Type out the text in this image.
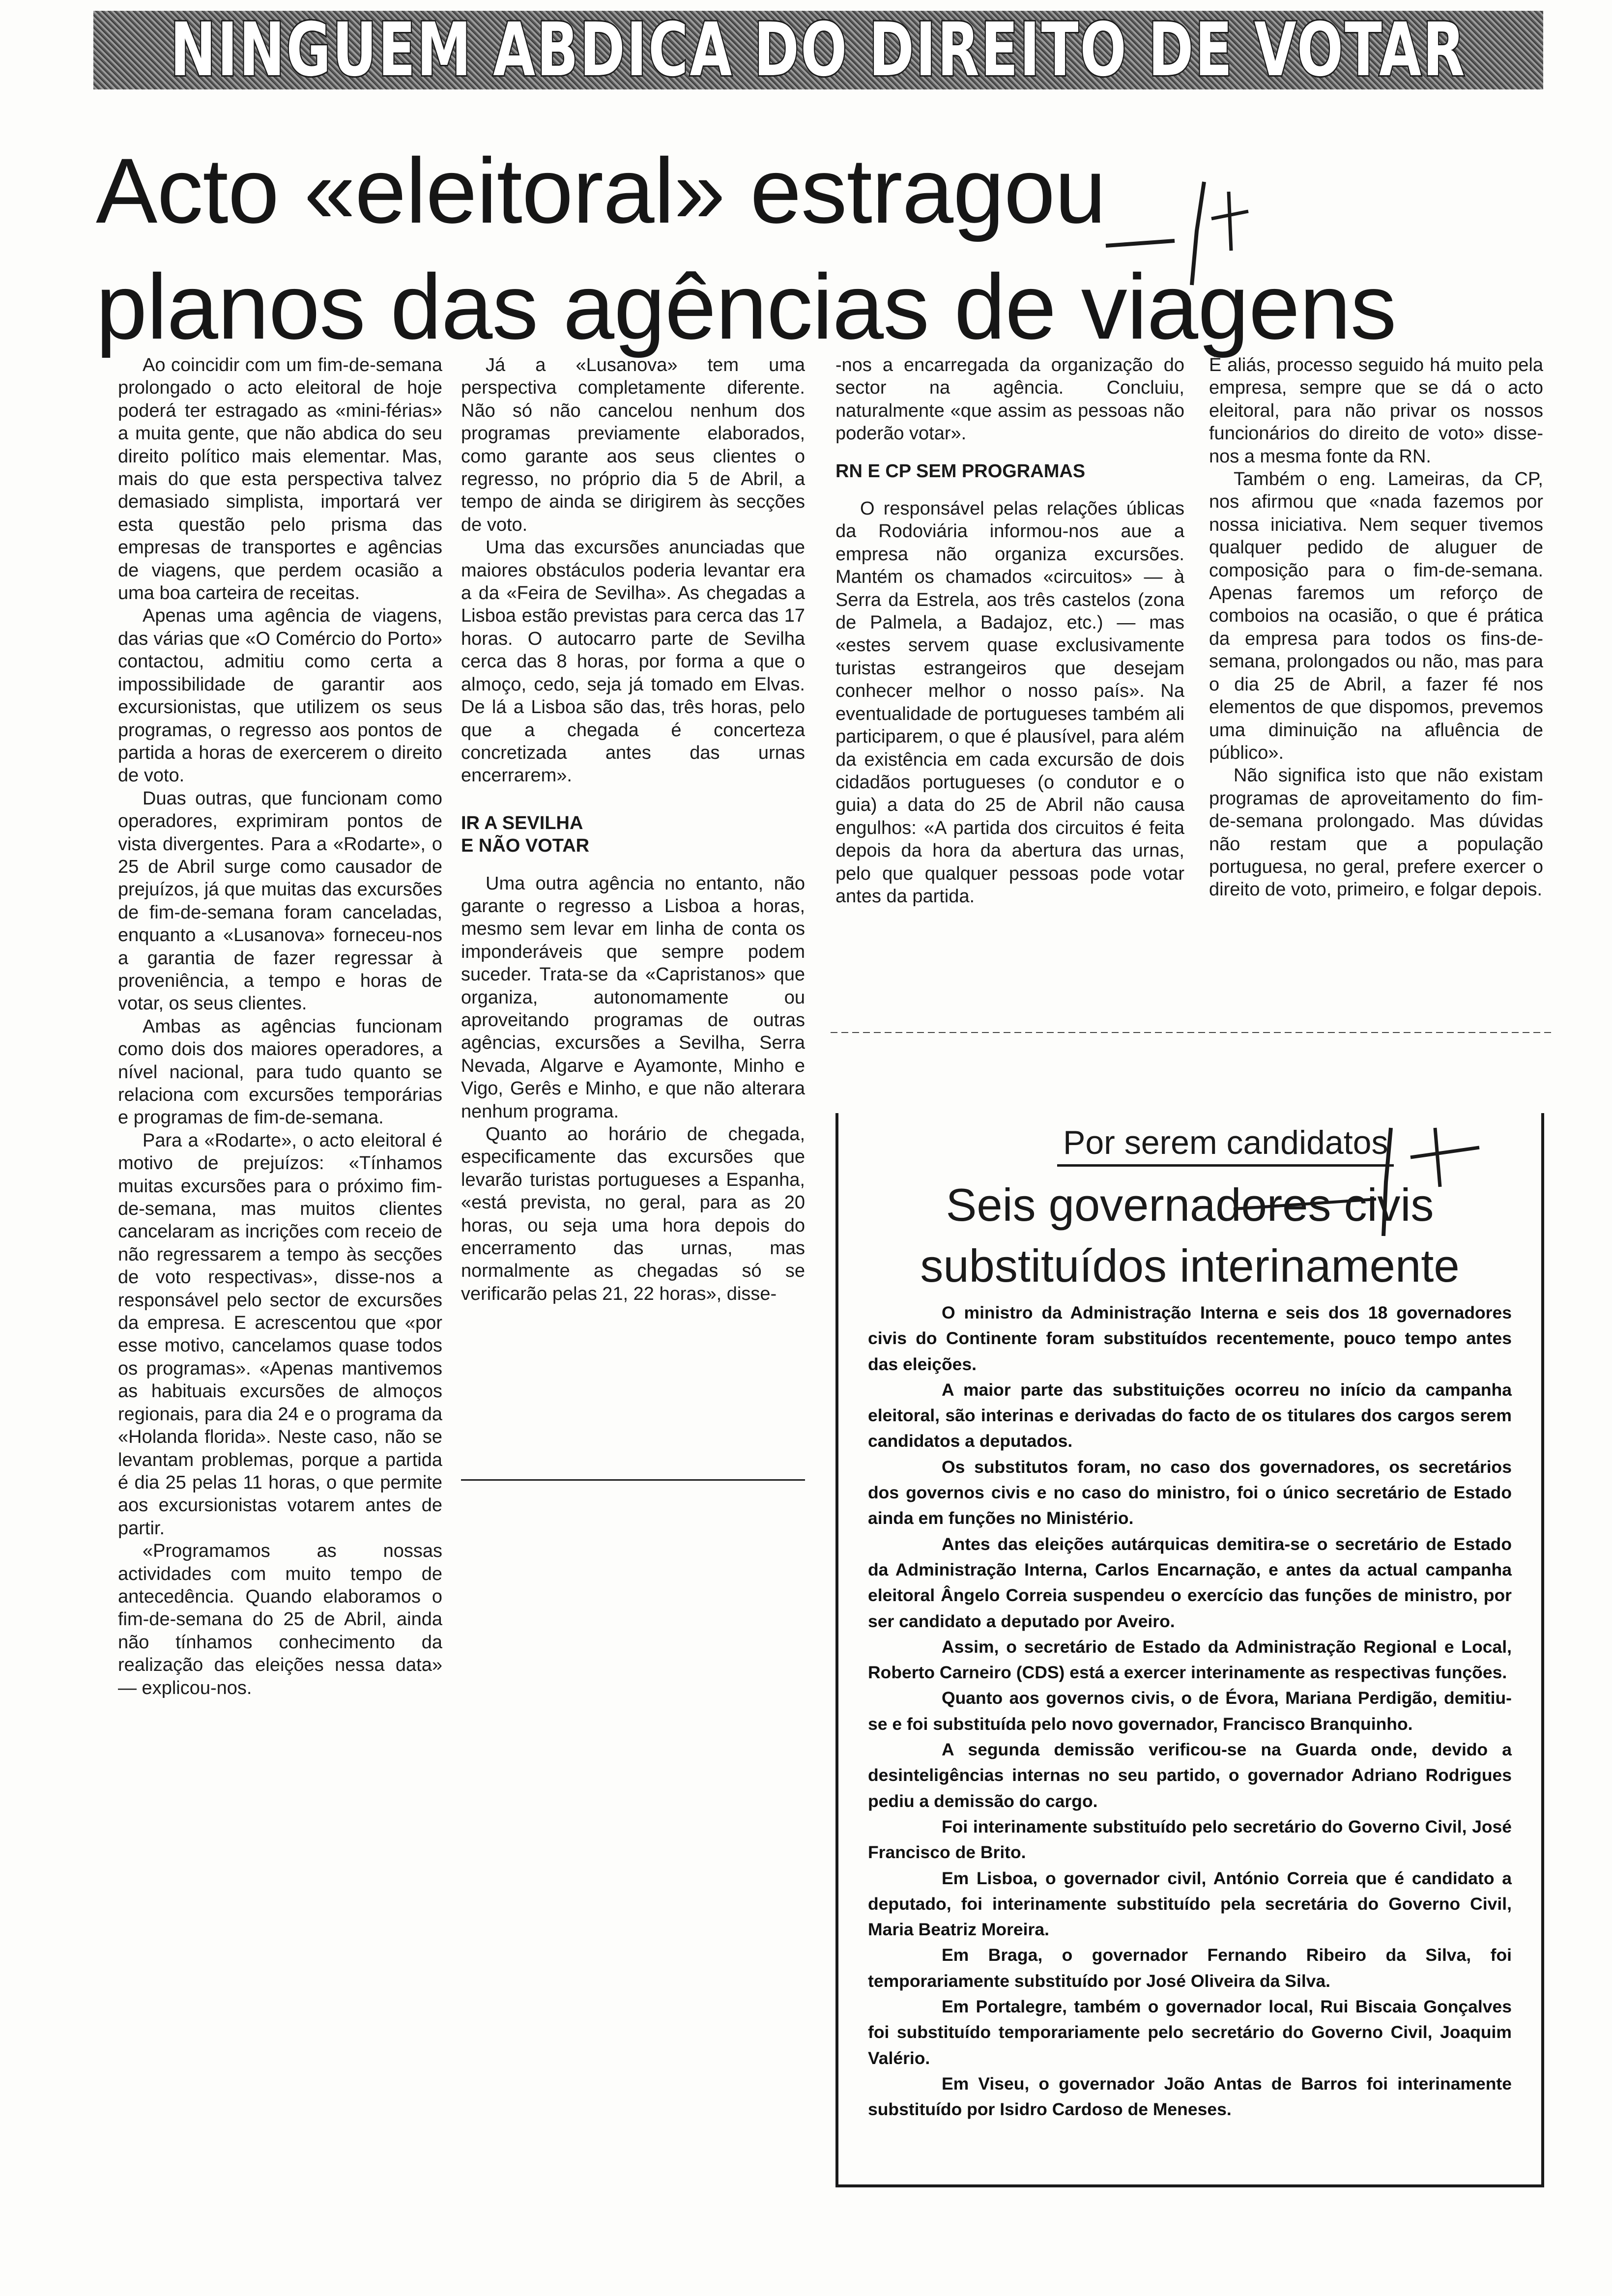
NINGUEM ABDICA DO DIREITO DE VOTAR
Acto «eleitoral» estragou
planos das agências de viagens

Ao coincidir com um fim-de-semana prolongado o acto eleitoral de hoje poderá ter estragado as «mini-férias» a muita gente, que não abdica do seu direito político mais elementar. Mas, mais do que esta perspectiva talvez demasiado simplista, importará ver esta questão pelo prisma das empresas de transportes e agências de viagens, que perdem ocasião a uma boa carteira de receitas.

Apenas uma agência de viagens, das várias que «O Comércio do Porto» contactou, admitiu como certa a impossibilidade de garantir aos excursionistas, que utilizem os seus programas, o regresso aos pontos de partida a horas de exercerem o direito de voto.

Duas outras, que funcionam como operadores, exprimiram pontos de vista divergentes. Para a «Rodarte», o 25 de Abril surge como causador de prejuízos, já que muitas das excursões de fim-de-semana foram canceladas, enquanto a «Lusanova» forneceu-nos a garantia de fazer regressar à proveniência, a tempo e horas de votar, os seus clientes.

Ambas as agências funcionam como dois dos maiores operadores, a nível nacional, para tudo quanto se relaciona com excursões temporárias e programas de fim-de-semana.

Para a «Rodarte», o acto eleitoral é motivo de prejuízos: «Tínhamos muitas excursões para o próximo fim-de-semana, mas muitos clientes cancelaram as incrições com receio de não regressarem a tempo às secções de voto respectivas», disse-nos a responsável pelo sector de excursões da empresa. E acrescentou que «por esse motivo, cancelamos quase todos os programas». «Apenas mantivemos as habituais excursões de almoços regionais, para dia 24 e o programa da «Holanda florida». Neste caso, não se levantam problemas, porque a partida é dia 25 pelas 11 horas, o que permite aos excursionistas votarem antes de partir.

«Programamos as nossas actividades com muito tempo de antecedência. Quando elaboramos o fim-de-semana do 25 de Abril, ainda não tínhamos conhecimento da realização das eleições nessa data» — explicou-nos.

Já a «Lusanova» tem uma perspectiva completamente diferente. Não só não cancelou nenhum dos programas previamente elaborados, como garante aos seus clientes o regresso, no próprio dia 5 de Abril, a tempo de ainda se dirigirem às secções de voto.

Uma das excursões anunciadas que maiores obstáculos poderia levantar era a da «Feira de Sevilha». As chegadas a Lisboa estão previstas para cerca das 17 horas. O autocarro parte de Sevilha cerca das 8 horas, por forma a que o almoço, cedo, seja já tomado em Elvas. De lá a Lisboa são das, três horas, pelo que a chegada é concerteza concretizada antes das urnas encerrarem».

IR A SEVILHA
E NÃO VOTAR

Uma outra agência no entanto, não garante o regresso a Lisboa a horas, mesmo sem levar em linha de conta os imponderáveis que sempre podem suceder. Trata-se da «Capristanos» que organiza, autonomamente ou aproveitando programas de outras agências, excursões a Sevilha, Serra Nevada, Algarve e Ayamonte, Minho e Vigo, Gerês e Minho, e que não alterara nenhum programa.

Quanto ao horário de chegada, especificamente das excursões que levarão turistas portugueses a Espanha, «está prevista, no geral, para as 20 horas, ou seja uma hora depois do encerramento das urnas, mas normalmente as chegadas só se verificarão pelas 21, 22 horas», disse-

-nos a encarregada da organização do sector na agência. Concluiu, naturalmente «que assim as pessoas não poderão votar».

RN E CP SEM PROGRAMAS

O responsável pelas relações úblicas da Rodoviária informou-nos aue a empresa não organiza excursões. Mantém os chamados «circuitos» — à Serra da Estrela, aos três castelos (zona de Palmela, a Badajoz, etc.) — mas «estes servem quase exclusivamente turistas estrangeiros que desejam conhecer melhor o nosso país». Na eventualidade de portugueses também ali participarem, o que é plausível, para além da existência em cada excursão de dois cidadãos portugueses (o condutor e o guia) a data do 25 de Abril não causa engulhos: «A partida dos circuitos é feita depois da hora da abertura das urnas, pelo que qualquer pessoas pode votar antes da partida.

É aliás, processo seguido há muito pela empresa, sempre que se dá o acto eleitoral, para não privar os nossos funcionários do direito de voto» disse-nos a mesma fonte da RN.

Também o eng. Lameiras, da CP, nos afirmou que «nada fazemos por nossa iniciativa. Nem sequer tivemos qualquer pedido de aluguer de composição para o fim-de-semana. Apenas faremos um reforço de comboios na ocasião, o que é prática da empresa para todos os fins-de-semana, prolongados ou não, mas para o dia 25 de Abril, a fazer fé nos elementos de que dispomos, prevemos uma diminuição na afluência de público».

Não significa isto que não existam programas de aproveitamento do fim-de-semana prolongado. Mas dúvidas não restam que a população portuguesa, no geral, prefere exercer o direito de voto, primeiro, e folgar depois.

Por serem candidatos
Seis governadores civis
substituídos interinamente

O ministro da Administração Interna e seis dos 18 governadores civis do Continente foram substituídos recentemente, pouco tempo antes das eleições.

A maior parte das substituições ocorreu no início da campanha eleitoral, são interinas e derivadas do facto de os titulares dos cargos serem candidatos a deputados.

Os substitutos foram, no caso dos governadores, os secretários dos governos civis e no caso do ministro, foi o único secretário de Estado ainda em funções no Ministério.

Antes das eleições autárquicas demitira-se o secretário de Estado da Administração Interna, Carlos Encarnação, e antes da actual campanha eleitoral Ângelo Correia suspendeu o exercício das funções de ministro, por ser candidato a deputado por Aveiro.

Assim, o secretário de Estado da Administração Regional e Local, Roberto Carneiro (CDS) está a exercer interinamente as respectivas funções.

Quanto aos governos civis, o de Évora, Mariana Perdigão, demitiu-se e foi substituída pelo novo governador, Francisco Branquinho.

A segunda demissão verificou-se na Guarda onde, devido a desinteligências internas no seu partido, o governador Adriano Rodrigues pediu a demissão do cargo.

Foi interinamente substituído pelo secretário do Governo Civil, José Francisco de Brito.

Em Lisboa, o governador civil, António Correia que é candidato a deputado, foi interinamente substituído pela secretária do Governo Civil, Maria Beatriz Moreira.

Em Braga, o governador Fernando Ribeiro da Silva, foi temporariamente substituído por José Oliveira da Silva.

Em Portalegre, também o governador local, Rui Biscaia Gonçalves foi substituído temporariamente pelo secretário do Governo Civil, Joaquim Valério.

Em Viseu, o governador João Antas de Barros foi interinamente substituído por Isidro Cardoso de Meneses.
